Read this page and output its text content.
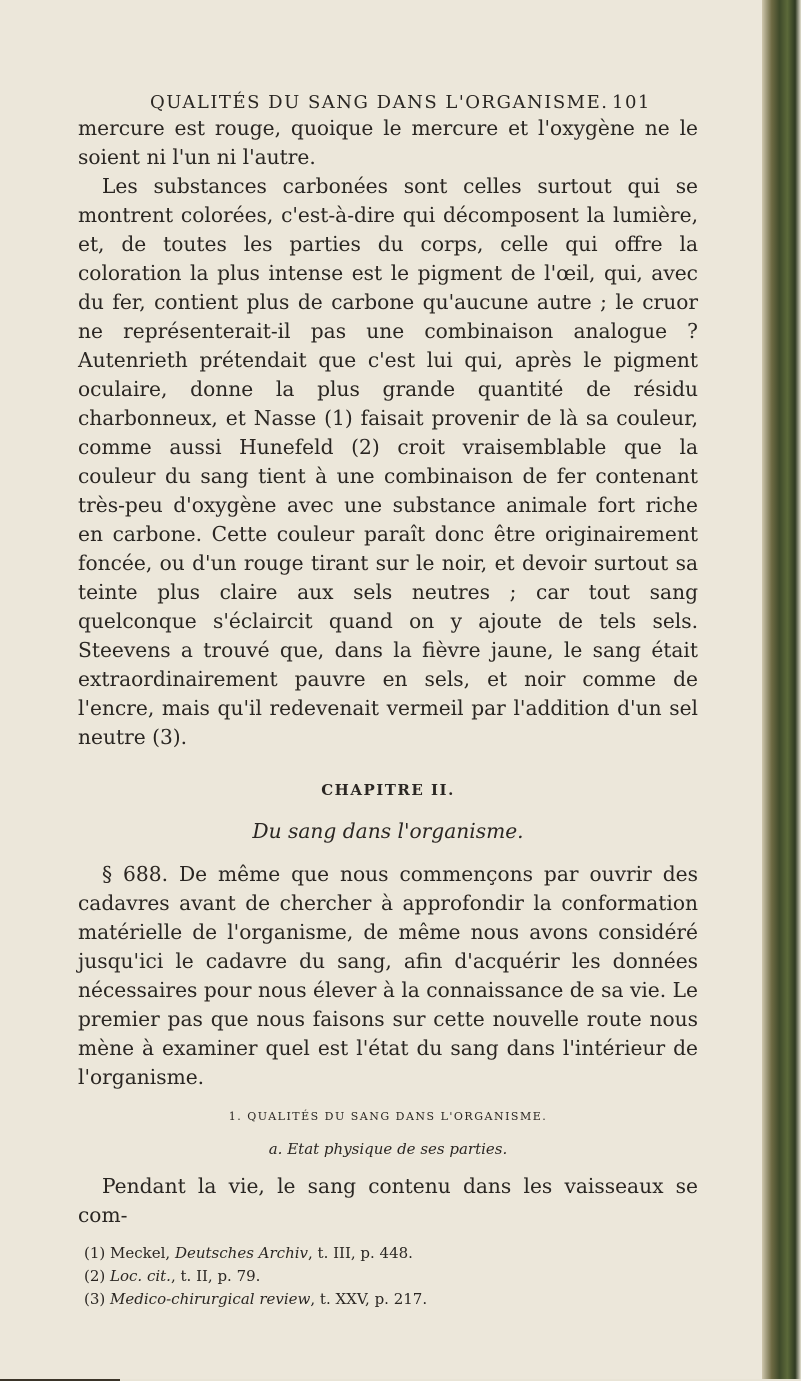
QUALITÉS DU SANG DANS L'ORGANISME. 101

mercure est rouge, quoique le mercure et l'oxygène ne le soient ni l'un ni l'autre.

Les substances carbonées sont celles surtout qui se montrent colorées, c'est-à-dire qui décomposent la lumière, et, de toutes les parties du corps, celle qui offre la coloration la plus intense est le pigment de l'œil, qui, avec du fer, contient plus de carbone qu'aucune autre ; le cruor ne représenterait-il pas une combinaison analogue ? Autenrieth prétendait que c'est lui qui, après le pigment oculaire, donne la plus grande quantité de résidu charbonneux, et Nasse (1) faisait provenir de là sa couleur, comme aussi Hunefeld (2) croit vraisemblable que la couleur du sang tient à une combinaison de fer contenant très-peu d'oxygène avec une substance animale fort riche en carbone. Cette couleur paraît donc être originairement foncée, ou d'un rouge tirant sur le noir, et devoir surtout sa teinte plus claire aux sels neutres ; car tout sang quelconque s'éclaircit quand on y ajoute de tels sels. Steevens a trouvé que, dans la fièvre jaune, le sang était extraordinairement pauvre en sels, et noir comme de l'encre, mais qu'il redevenait vermeil par l'addition d'un sel neutre (3).

CHAPITRE II.

Du sang dans l'organisme.

§ 688. De même que nous commençons par ouvrir des cadavres avant de chercher à approfondir la conformation matérielle de l'organisme, de même nous avons considéré jusqu'ici le cadavre du sang, afin d'acquérir les données nécessaires pour nous élever à la connaissance de sa vie. Le premier pas que nous faisons sur cette nouvelle route nous mène à examiner quel est l'état du sang dans l'intérieur de l'organisme.

1. QUALITÉS DU SANG DANS L'ORGANISME.

a. Etat physique de ses parties.

Pendant la vie, le sang contenu dans les vaisseaux se com-

(1) Meckel, Deutsches Archiv, t. III, p. 448.

(2) Loc. cit., t. II, p. 79.

(3) Medico-chirurgical review, t. XXV, p. 217.
